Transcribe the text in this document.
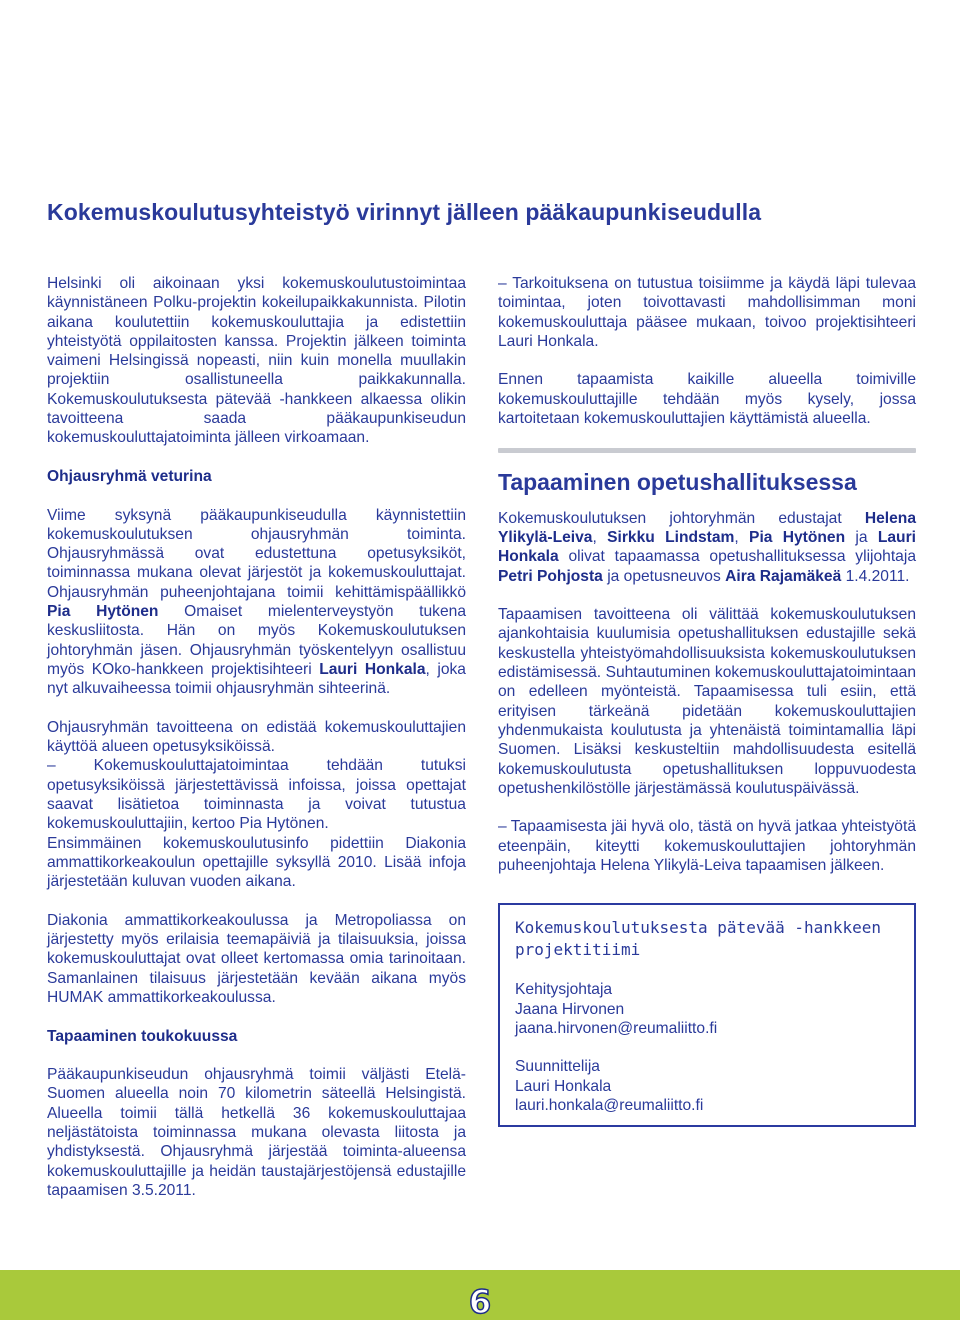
Kokemuskoulutusyhteistyö virinnyt jälleen pääkaupunkiseudulla

Helsinki oli aikoinaan yksi kokemuskoulutustoimintaa käynnistäneen Polku-projektin kokeilupaikkakunnista. Pilotin aikana koulutettiin kokemuskouluttajia ja edistettiin yhteistyötä oppilaitosten kanssa. Projektin jälkeen toiminta vaimeni Helsingissä nopeasti, niin kuin monella muullakin projektiin osallistuneella paikkakunnalla. Kokemuskoulutuksesta pätevää -hankkeen alkaessa olikin tavoitteena saada pääkaupunkiseudun kokemuskouluttajatoiminta jälleen virkoamaan.

Ohjausryhmä veturina

Viime syksynä pääkaupunkiseudulla käynnistettiin kokemuskoulutuksen ohjausryhmän toiminta. Ohjausryhmässä ovat edustettuna opetusyksiköt, toiminnassa mukana olevat järjestöt ja kokemuskouluttajat. Ohjausryhmän puheenjohtajana toimii kehittämispäällikkö Pia Hytönen Omaiset mielenterveystyön tukena keskusliitosta. Hän on myös Kokemuskoulutuksen johtoryhmän jäsen. Ohjausryhmän työskentelyyn osallistuu myös KOko-hankkeen projektisihteeri Lauri Honkala, joka nyt alkuvaiheessa toimii ohjausryhmän sihteerinä.

Ohjausryhmän tavoitteena on edistää kokemuskouluttajien käyttöä alueen opetusyksiköissä.
– Kokemuskouluttajatoimintaa tehdään tutuksi opetusyksiköissä järjestettävissä infoissa, joissa opettajat saavat lisätietoa toiminnasta ja voivat tutustua kokemuskouluttajiin, kertoo Pia Hytönen.
Ensimmäinen kokemuskoulutusinfo pidettiin Diakonia ammattikorkeakoulun opettajille syksyllä 2010. Lisää infoja järjestetään kuluvan vuoden aikana.

Diakonia ammattikorkeakoulussa ja Metropoliassa on järjestetty myös erilaisia teemapäiviä ja tilaisuuksia, joissa kokemuskouluttajat ovat olleet kertomassa omia tarinoitaan. Samanlainen tilaisuus järjestetään kevään aikana myös HUMAK ammattikorkeakoulussa.

Tapaaminen toukokuussa

Pääkaupunkiseudun ohjausryhmä toimii väljästi Etelä-Suomen alueella noin 70 kilometrin säteellä Helsingistä. Alueella toimii tällä hetkellä 36 kokemuskouluttajaa neljästätoista toiminnassa mukana olevasta liitosta ja yhdistyksestä. Ohjausryhmä järjestää toiminta-alueensa kokemuskouluttajille ja heidän taustajärjestöjensä edustajille tapaamisen 3.5.2011.

– Tarkoituksena on tutustua toisiimme ja käydä läpi tulevaa toimintaa, joten toivottavasti mahdollisimman moni kokemuskouluttaja pääsee mukaan, toivoo projektisihteeri Lauri Honkala.

Ennen tapaamista kaikille alueella toimiville kokemuskouluttajille tehdään myös kysely, jossa kartoitetaan kokemuskouluttajien käyttämistä alueella.

Tapaaminen opetushallituksessa

Kokemuskoulutuksen johtoryhmän edustajat Helena Ylikylä-Leiva, Sirkku Lindstam, Pia Hytönen ja Lauri Honkala olivat tapaamassa opetushallituksessa ylijohtaja Petri Pohjosta ja opetusneuvos Aira Rajamäkeä 1.4.2011.

Tapaamisen tavoitteena oli välittää kokemuskoulutuksen ajankohtaisia kuulumisia opetushallituksen edustajille sekä keskustella yhteistyömahdollisuuksista kokemuskoulutuksen edistämisessä. Suhtautuminen kokemuskouluttajatoimintaan on edelleen myönteistä. Tapaamisessa tuli esiin, että erityisen tärkeänä pidetään kokemuskouluttajien yhdenmukaista koulutusta ja yhtenäistä toimintamallia läpi Suomen. Lisäksi keskusteltiin mahdollisuudesta esitellä kokemuskoulutusta opetushallituksen loppuvuodesta opetushenkilöstölle järjestämässä koulutuspäivässä.

– Tapaamisesta jäi hyvä olo, tästä on hyvä jatkaa yhteistyötä eteenpäin, kiteytti kokemuskouluttajien johtoryhmän puheenjohtaja Helena Ylikylä-Leiva tapaamisen jälkeen.

Kokemuskoulutuksesta pätevää -hankkeen projektitiimi
Kehitysjohtaja
Jaana Hirvonen
jaana.hirvonen@reumaliitto.fi
Suunnittelija
Lauri Honkala
lauri.honkala@reumaliitto.fi
6
